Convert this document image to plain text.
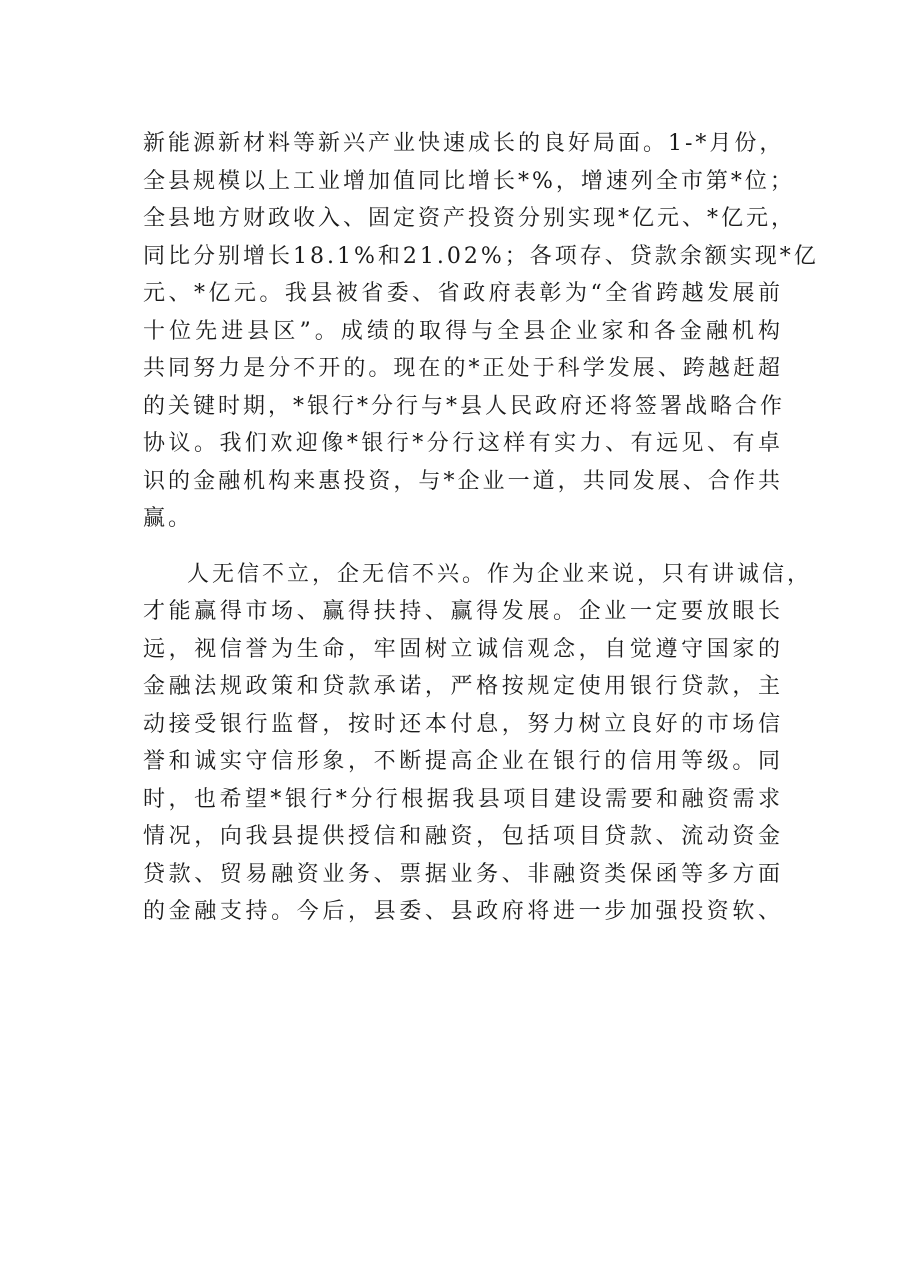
新能源新材料等新兴产业快速成长的良好局面。1-*月份，
全县规模以上工业增加值同比增长*%，增速列全市第*位；
全县地方财政收入、固定资产投资分别实现*亿元、*亿元，
同比分别增长18.1%和21.02%；各项存、贷款余额实现*亿
元、*亿元。我县被省委、省政府表彰为“全省跨越发展前
十位先进县区”。成绩的取得与全县企业家和各金融机构
共同努力是分不开的。现在的*正处于科学发展、跨越赶超
的关键时期，*银行*分行与*县人民政府还将签署战略合作
协议。我们欢迎像*银行*分行这样有实力、有远见、有卓
识的金融机构来惠投资，与*企业一道，共同发展、合作共
赢。
人无信不立，企无信不兴。作为企业来说，只有讲诚信，
才能赢得市场、赢得扶持、赢得发展。企业一定要放眼长
远，视信誉为生命，牢固树立诚信观念，自觉遵守国家的
金融法规政策和贷款承诺，严格按规定使用银行贷款，主
动接受银行监督，按时还本付息，努力树立良好的市场信
誉和诚实守信形象，不断提高企业在银行的信用等级。同
时，也希望*银行*分行根据我县项目建设需要和融资需求
情况，向我县提供授信和融资，包括项目贷款、流动资金
贷款、贸易融资业务、票据业务、非融资类保函等多方面
的金融支持。今后，县委、县政府将进一步加强投资软、
